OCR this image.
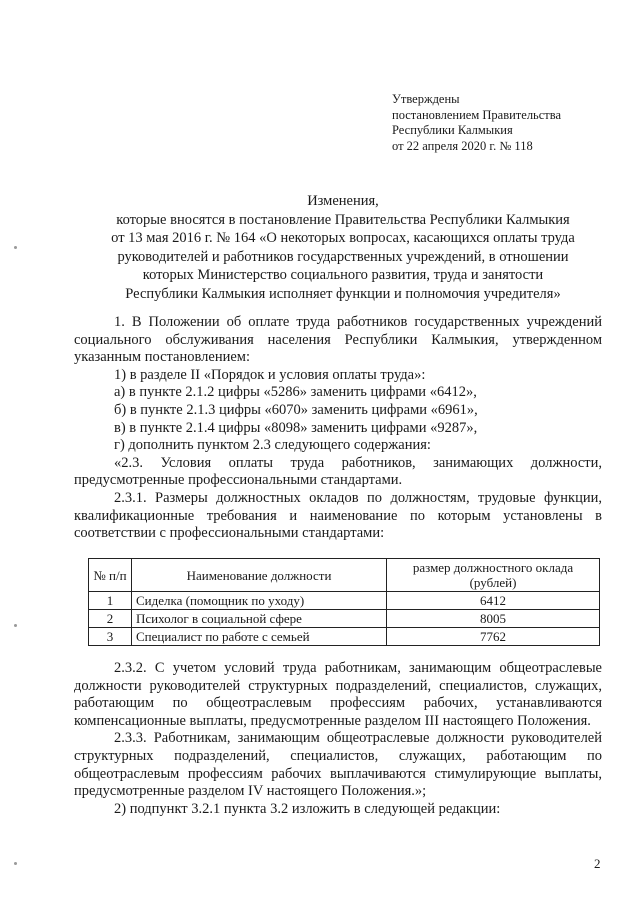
Утверждены
постановлением Правительства
Республики Калмыкия
от 22 апреля 2020 г. № 118
Изменения,
которые вносятся в постановление Правительства Республики Калмыкия
от 13 мая 2016 г. № 164 «О некоторых вопросах, касающихся оплаты труда
руководителей и работников государственных учреждений, в отношении
которых Министерство социального развития, труда и занятости
Республики Калмыкия исполняет функции и полномочия учредителя»

1. В Положении об оплате труда работников государственных учреждений социального обслуживания населения Республики Калмыкия, утвержденном указанным постановлением:

1) в разделе II «Порядок и условия оплаты труда»:

а) в пункте 2.1.2 цифры «5286» заменить цифрами «6412»,

б) в пункте 2.1.3 цифры «6070» заменить цифрами «6961»,

в) в пункте 2.1.4 цифры «8098» заменить цифрами «9287»,

г) дополнить пунктом 2.3 следующего содержания:

«2.3. Условия оплаты труда работников, занимающих должности, предусмотренные профессиональными стандартами.

2.3.1. Размеры должностных окладов по должностям, трудовые функции, квалификационные требования и наименование по которым установлены в соответствии с профессиональными стандартами:

№ п/п	Наименование должности	размер должностного оклада (рублей)
1	Сиделка (помощник по уходу)	6412
2	Психолог в социальной сфере	8005
3	Специалист по работе с семьей	7762

2.3.2. С учетом условий труда работникам, занимающим общеотраслевые должности руководителей структурных подразделений, специалистов, служащих, работающим по общеотраслевым профессиям рабочих, устанавливаются компенсационные выплаты, предусмотренные разделом III настоящего Положения.

2.3.3. Работникам, занимающим общеотраслевые должности руководителей структурных подразделений, специалистов, служащих, работающим по общеотраслевым профессиям рабочих выплачиваются стимулирующие выплаты, предусмотренные разделом IV настоящего Положения.»;

2) подпункт 3.2.1 пункта 3.2 изложить в следующей редакции:

2
